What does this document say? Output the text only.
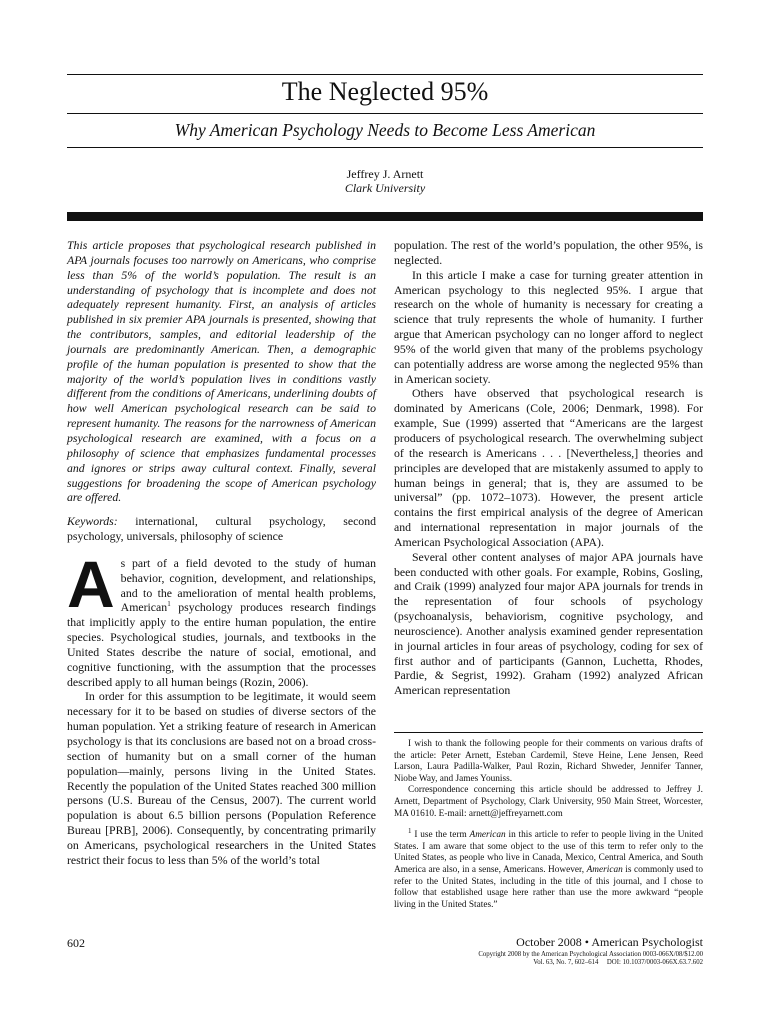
The Neglected 95%
Why American Psychology Needs to Become Less American
Jeffrey J. Arnett
Clark University

This article proposes that psychological research published in APA journals focuses too narrowly on Americans, who comprise less than 5% of the world’s population. The result is an understanding of psychology that is incomplete and does not adequately represent humanity. First, an analysis of articles published in six premier APA journals is presented, showing that the contributors, samples, and editorial leadership of the journals are predominantly American. Then, a demographic profile of the human population is presented to show that the majority of the world’s population lives in conditions vastly different from the conditions of Americans, underlining doubts of how well American psychological research can be said to represent humanity. The reasons for the narrowness of American psychological research are examined, with a focus on a philosophy of science that emphasizes fundamental processes and ignores or strips away cultural context. Finally, several suggestions for broadening the scope of American psychology are offered.

Keywords: international, cultural psychology, second psychology, universals, philosophy of science

As part of a field devoted to the study of human behavior, cognition, development, and relationships, and to the amelioration of mental health problems, American$^1$ psychology produces research findings that implicitly apply to the entire human population, the entire species. Psychological studies, journals, and textbooks in the United States describe the nature of social, emotional, and cognitive functioning, with the assumption that the processes described apply to all human beings (Rozin, 2006).

In order for this assumption to be legitimate, it would seem necessary for it to be based on studies of diverse sectors of the human population. Yet a striking feature of research in American psychology is that its conclusions are based not on a broad cross-section of humanity but on a small corner of the human population—mainly, persons living in the United States. Recently the population of the United States reached 300 million persons (U.S. Bureau of the Census, 2007). The current world population is about 6.5 billion persons (Population Reference Bureau [PRB], 2006). Consequently, by concentrating primarily on Americans, psychological researchers in the United States restrict their focus to less than 5% of the world’s total

population. The rest of the world’s population, the other 95%, is neglected.

In this article I make a case for turning greater attention in American psychology to this neglected 95%. I argue that research on the whole of humanity is necessary for creating a science that truly represents the whole of humanity. I further argue that American psychology can no longer afford to neglect 95% of the world given that many of the problems psychology can potentially address are worse among the neglected 95% than in American society.

Others have observed that psychological research is dominated by Americans (Cole, 2006; Denmark, 1998). For example, Sue (1999) asserted that “Americans are the largest producers of psychological research. The overwhelming subject of the research is Americans . . . [Nevertheless,] theories and principles are developed that are mistakenly assumed to apply to human beings in general; that is, they are assumed to be universal” (pp. 1072–1073). However, the present article contains the first empirical analysis of the degree of American and international representation in major journals of the American Psychological Association (APA).

Several other content analyses of major APA journals have been conducted with other goals. For example, Robins, Gosling, and Craik (1999) analyzed four major APA journals for trends in the representation of four schools of psychology (psychoanalysis, behaviorism, cognitive psychology, and neuroscience). Another analysis examined gender representation in journal articles in four areas of psychology, coding for sex of first author and of participants (Gannon, Luchetta, Rhodes, Pardie, & Segrist, 1992). Graham (1992) analyzed African American representation

I wish to thank the following people for their comments on various drafts of the article: Peter Arnett, Esteban Cardemil, Steve Heine, Lene Jensen, Reed Larson, Laura Padilla-Walker, Paul Rozin, Richard Shweder, Jennifer Tanner, Niobe Way, and James Youniss.

Correspondence concerning this article should be addressed to Jeffrey J. Arnett, Department of Psychology, Clark University, 950 Main Street, Worcester, MA 01610. E-mail: arnett@jeffreyarnett.com

$^1$ I use the term American in this article to refer to people living in the United States. I am aware that some object to the use of this term to refer only to the United States, as people who live in Canada, Mexico, Central America, and South America are also, in a sense, Americans. However, American is commonly used to refer to the United States, including in the title of this journal, and I chose to follow that established usage here rather than use the more awkward “people living in the United States.”

602	October 2008 • American Psychologist
Copyright 2008 by the American Psychological Association 0003-066X/08/$12.00
Vol. 63, No. 7, 602–614     DOI: 10.1037/0003-066X.63.7.602
